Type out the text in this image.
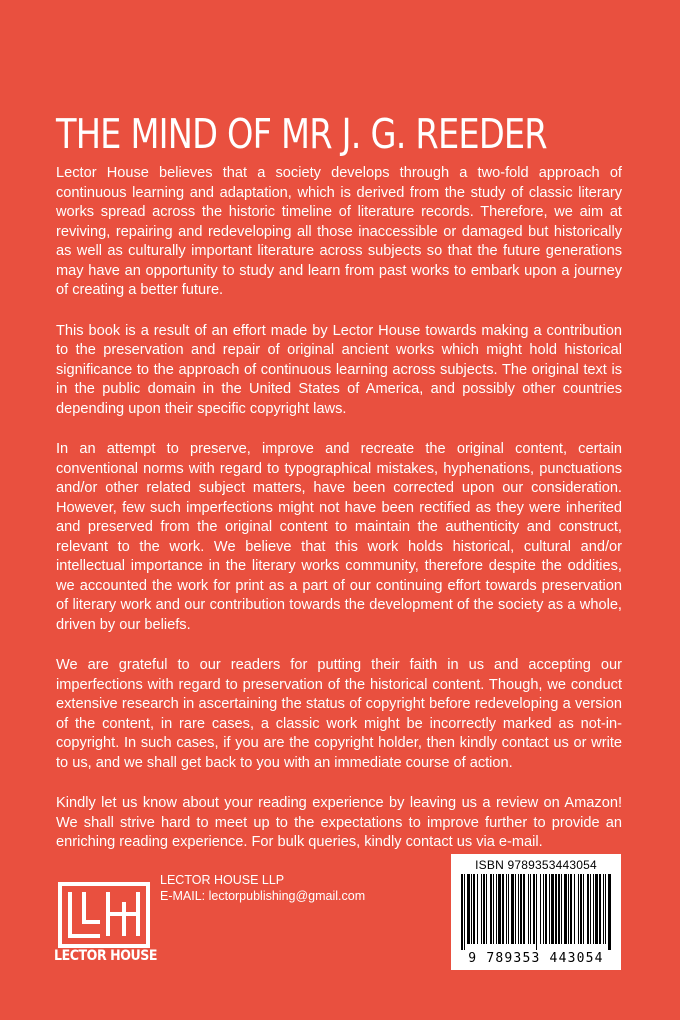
THE MIND OF MR J. G. REEDER

Lector House believes that a society develops through a two-fold approach of continuous learning and adaptation, which is derived from the study of classic literary works spread across the historic timeline of literature records. Therefore, we aim at reviving, repairing and redeveloping all those inaccessible or damaged but historically as well as culturally important literature across subjects so that the future generations may have an opportunity to study and learn from past works to embark upon a journey of creating a better future.

This book is a result of an effort made by Lector House towards making a contribution to the preservation and repair of original ancient works which might hold historical significance to the approach of continuous learning across subjects. The original text is in the public domain in the United States of America, and possibly other countries depending upon their specific copyright laws.

In an attempt to preserve, improve and recreate the original content, certain conventional norms with regard to typographical mistakes, hyphenations, punctuations and/or other related subject matters, have been corrected upon our consideration. However, few such imperfections might not have been rectified as they were inherited and preserved from the original content to maintain the authenticity and construct, relevant to the work. We believe that this work holds historical, cultural and/or intellectual importance in the literary works community, therefore despite the oddities, we accounted the work for print as a part of our continuing effort towards preservation of literary work and our contribution towards the development of the society as a whole, driven by our beliefs.

We are grateful to our readers for putting their faith in us and accepting our imperfections with regard to preservation of the historical content. Though, we conduct extensive research in ascertaining the status of copyright before redeveloping a version of the content, in rare cases, a classic work might be incorrectly marked as not-in-copyright. In such cases, if you are the copyright holder, then kindly contact us or write to us, and we shall get back to you with an immediate course of action.

Kindly let us know about your reading experience by leaving us a review on Amazon! We shall strive hard to meet up to the expectations to improve further to provide an enriching reading experience. For bulk queries, kindly contact us via e-mail.

LECTOR HOUSE
LECTOR HOUSE LLP
E-MAIL: lectorpublishing@gmail.com
ISBN 9789353443054
9 789353 443054
